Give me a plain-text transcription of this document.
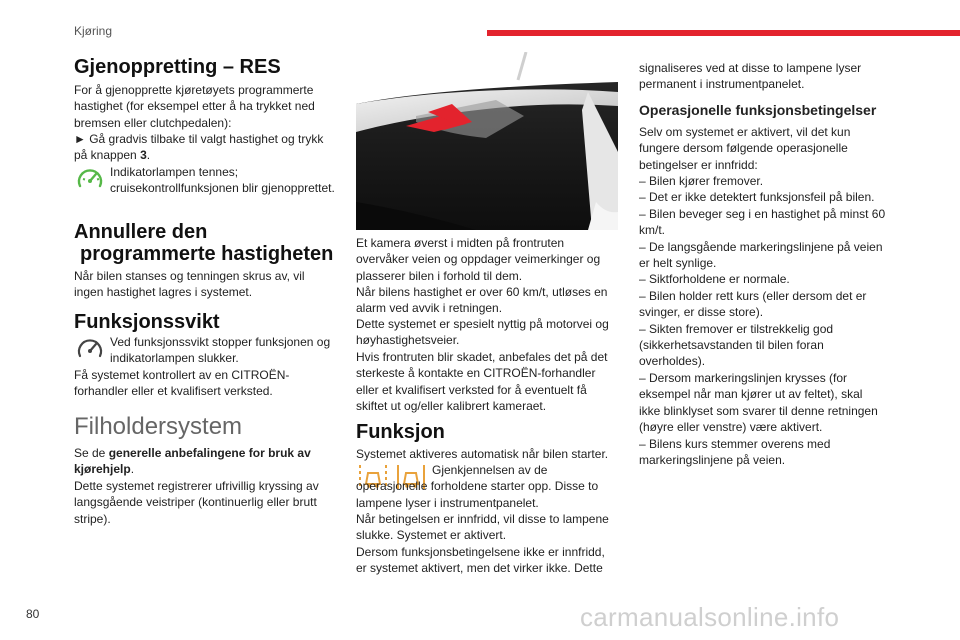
Kjøring
80	carmanualsonline.info
Gjenoppretting – RES

For å gjenopprette kjøretøyets programmerte hastighet (for eksempel etter å ha trykket ned bremsen eller clutchpedalen):

► Gå gradvis tilbake til valgt hastighet og trykk på knappen 3.

Indikatorlampen tennes; cruisekontrollfunksjonen blir gjenopprettet.

Annullere den
programmerte hastigheten

Når bilen stanses og tenningen skrus av, vil ingen hastighet lagres i systemet.

Funksjonssvikt

Ved funksjonssvikt stopper funksjonen og indikatorlampen slukker.

Få systemet kontrollert av en CITROËN-forhandler eller et kvalifisert verksted.

Filholdersystem

Se de generelle anbefalingene for bruk av kjørehjelp.

Dette systemet registrerer ufrivillig kryssing av langsgående veistriper (kontinuerlig eller brutt stripe).

Et kamera øverst i midten på frontruten overvåker veien og oppdager veimerkinger og plasserer bilen i forhold til dem.

Når bilens hastighet er over 60 km/t, utløses en alarm ved avvik i retningen.

Dette systemet er spesielt nyttig på motorvei og høyhastighetsveier.

Hvis frontruten blir skadet, anbefales det på det sterkeste å kontakte en CITROËN-forhandler eller et kvalifisert verksted for å eventuelt få skiftet ut og/eller kalibrert kameraet.

Funksjon

Systemet aktiveres automatisk når bilen starter.

Gjenkjennelsen av de operasjonelle forholdene starter opp. Disse to lampene lyser i instrumentpanelet.

Når betingelsen er innfridd, vil disse to lampene slukke. Systemet er aktivert.

Dersom funksjonsbetingelsene ikke er innfridd, er systemet aktivert, men det virker ikke. Dette

signaliseres ved at disse to lampene lyser permanent i instrumentpanelet.

Operasjonelle funksjonsbetingelser

Selv om systemet er aktivert, vil det kun fungere dersom følgende operasjonelle betingelser er innfridd:

– Bilen kjører fremover.

– Det er ikke detektert funksjonsfeil på bilen.

– Bilen beveger seg i en hastighet på minst 60 km/t.

– De langsgående markeringslinjene på veien er helt synlige.

– Siktforholdene er normale.

– Bilen holder rett kurs (eller dersom det er svinger, er disse store).

– Sikten fremover er tilstrekkelig god (sikkerhetsavstanden til bilen foran overholdes).

– Dersom markeringslinjen krysses (for eksempel når man kjører ut av feltet), skal ikke blinklyset som svarer til denne retningen (høyre eller venstre) være aktivert.

– Bilens kurs stemmer overens med markeringslinjene på veien.
